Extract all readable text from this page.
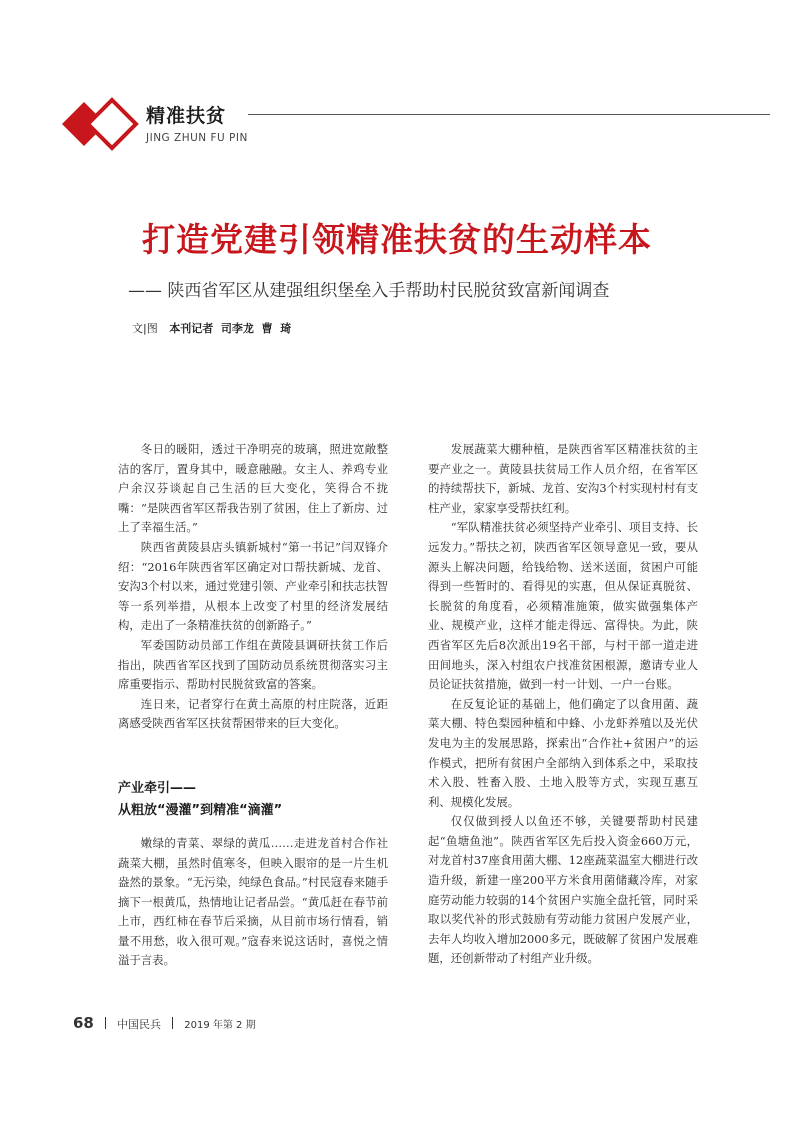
精准扶贫
JING ZHUN FU PIN
打造党建引领精准扶贫的生动样本
—— 陕西省军区从建强组织堡垒入手帮助村民脱贫致富新闻调查
文|图 本刊记者  司李龙  曹  琦

冬日的暖阳，透过干净明亮的玻璃，照进宽敞整洁的客厅，置身其中，暖意融融。女主人、养鸡专业户余汉芬谈起自己生活的巨大变化，笑得合不拢嘴：“是陕西省军区帮我告别了贫困，住上了新房、过上了幸福生活。”

陕西省黄陵县店头镇新城村“第一书记”闫双锋介绍：“2016年陕西省军区确定对口帮扶新城、龙首、安沟3个村以来，通过党建引领、产业牵引和扶志扶智等一系列举措，从根本上改变了村里的经济发展结构，走出了一条精准扶贫的创新路子。”

军委国防动员部工作组在黄陵县调研扶贫工作后指出，陕西省军区找到了国防动员系统贯彻落实习主席重要指示、帮助村民脱贫致富的答案。

连日来，记者穿行在黄土高原的村庄院落，近距离感受陕西省军区扶贫帮困带来的巨大变化。

产业牵引——
从粗放“漫灌”到精准“滴灌”

嫩绿的青菜、翠绿的黄瓜……走进龙首村合作社蔬菜大棚，虽然时值寒冬，但映入眼帘的是一片生机盎然的景象。“无污染，纯绿色食品。”村民寇春来随手摘下一根黄瓜，热情地让记者品尝。“黄瓜赶在春节前上市，西红柿在春节后采摘，从目前市场行情看，销量不用愁，收入很可观。”寇春来说这话时，喜悦之情溢于言表。

发展蔬菜大棚种植，是陕西省军区精准扶贫的主要产业之一。黄陵县扶贫局工作人员介绍，在省军区的持续帮扶下，新城、龙首、安沟3个村实现村村有支柱产业，家家享受帮扶红利。

“军队精准扶贫必须坚持产业牵引、项目支持、长远发力。”帮扶之初，陕西省军区领导意见一致，要从源头上解决问题，给钱给物、送米送面，贫困户可能得到一些暂时的、看得见的实惠，但从保证真脱贫、长脱贫的角度看，必须精准施策，做实做强集体产业、规模产业，这样才能走得远、富得快。为此，陕西省军区先后8次派出19名干部，与村干部一道走进田间地头，深入村组农户找准贫困根源，邀请专业人员论证扶贫措施，做到一村一计划、一户一台账。

在反复论证的基础上，他们确定了以食用菌、蔬菜大棚、特色梨园种植和中蜂、小龙虾养殖以及光伏发电为主的发展思路，探索出“合作社+贫困户”的运作模式，把所有贫困户全部纳入到体系之中，采取技术入股、牲畜入股、土地入股等方式，实现互惠互利、规模化发展。

仅仅做到授人以鱼还不够，关键要帮助村民建起“鱼塘鱼池”。陕西省军区先后投入资金660万元，对龙首村37座食用菌大棚、12座蔬菜温室大棚进行改造升级，新建一座200平方米食用菌储藏冷库，对家庭劳动能力较弱的14个贫困户实施全盘托管，同时采取以奖代补的形式鼓励有劳动能力贫困户发展产业，去年人均收入增加2000多元，既破解了贫困户发展难题，还创新带动了村组产业升级。

68 中国民兵 2019 年第 2 期
